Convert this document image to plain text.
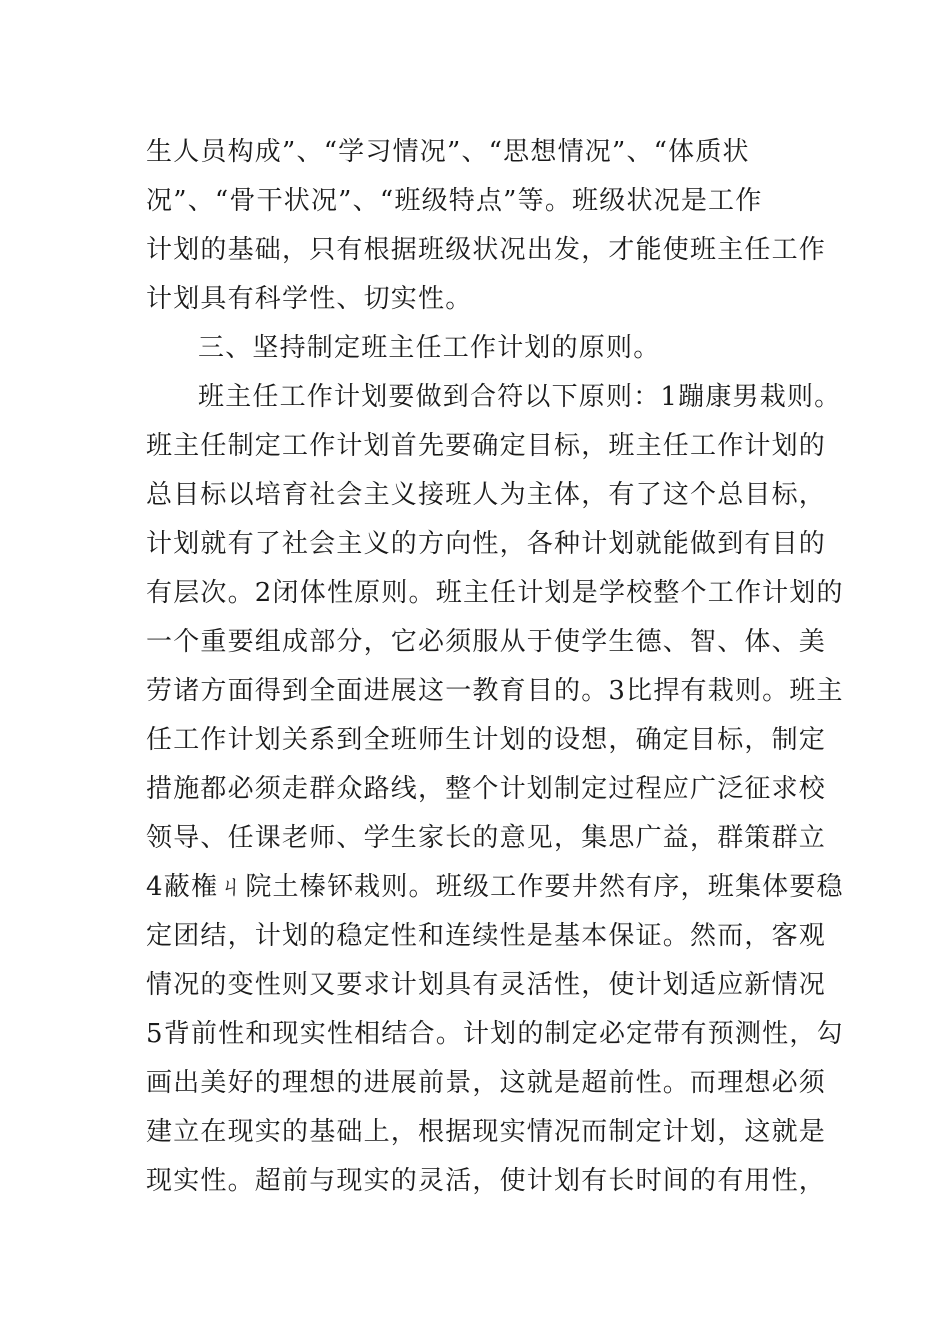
生人员构成”、“学习情况”、“思想情况”、“体质状
况”、“骨干状况”、“班级特点”等。班级状况是工作
计划的基础，只有根据班级状况出发，才能使班主任工作
计划具有科学性、切实性。
三、坚持制定班主任工作计划的原则。
班主任工作计划要做到合符以下原则：1蹦康男栽则。
班主任制定工作计划首先要确定目标，班主任工作计划的
总目标以培育社会主义接班人为主体，有了这个总目标，
计划就有了社会主义的方向性，各种计划就能做到有目的
有层次。2闭体性原则。班主任计划是学校整个工作计划的
一个重要组成部分，它必须服从于使学生德、智、体、美
劳诸方面得到全面进展这一教育目的。3比捍有栽则。班主
任工作计划关系到全班师生计划的设想，确定目标，制定
措施都必须走群众路线，整个计划制定过程应广泛征求校
领导、任课老师、学生家长的意见，集思广益，群策群立
4蔽権ㄐ院土榛钚栽则。班级工作要井然有序，班集体要稳
定团结，计划的稳定性和连续性是基本保证。然而，客观
情况的变性则又要求计划具有灵活性，使计划适应新情况
5背前性和现实性相结合。计划的制定必定带有预测性，勾
画出美好的理想的进展前景，这就是超前性。而理想必须
建立在现实的基础上，根据现实情况而制定计划，这就是
现实性。超前与现实的灵活，使计划有长时间的有用性，
